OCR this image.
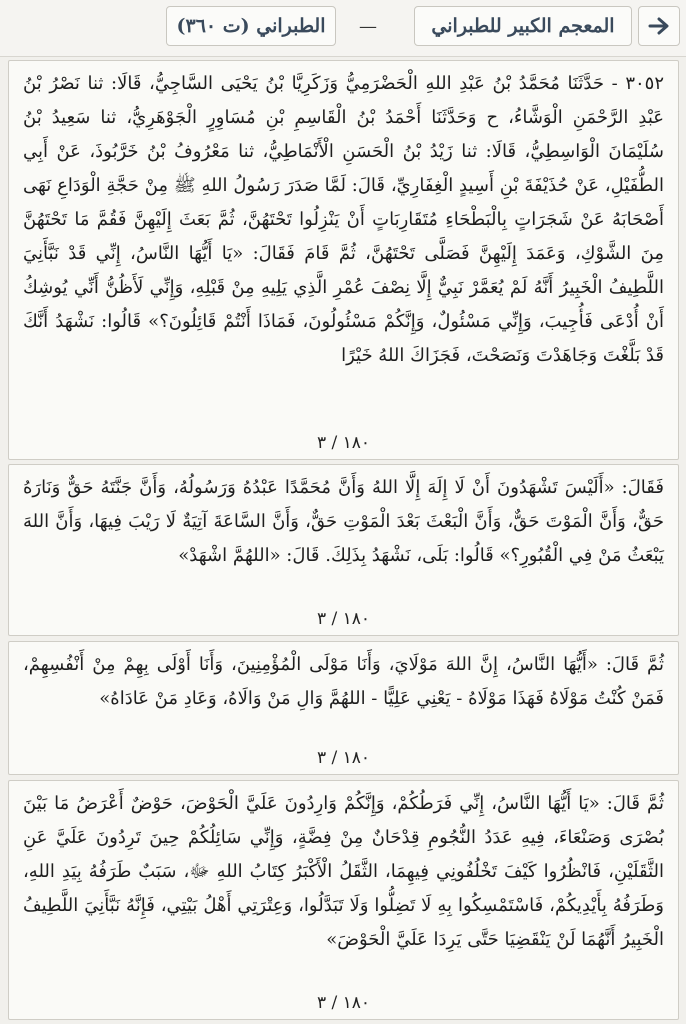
المعجم الكبير للطبراني
—
الطبراني (ت ٣٦٠)

٣٠٥٢ - حَدَّثَنَا مُحَمَّدُ بْنُ عَبْدِ اللهِ الْحَضْرَمِيُّ وَزَكَرِيَّا بْنُ يَحْيَى السَّاجِيُّ، قَالَا: ثنا نَصْرُ بْنُ عَبْدِ الرَّحْمَنِ الْوَشَّاءُ، ح وَحَدَّثَنَا أَحْمَدُ بْنُ الْقَاسِمِ بْنِ مُسَاوِرٍ الْجَوْهَرِيُّ، ثنا سَعِيدُ بْنُ سُلَيْمَانَ الْوَاسِطِيُّ، قَالَا: ثنا زَيْدُ بْنُ الْحَسَنِ الْأَنْمَاطِيُّ، ثنا مَعْرُوفُ بْنُ خَرَّبُوذَ، عَنْ أَبِي الطُّفَيْلِ، عَنْ حُذَيْفَةَ بْنِ أَسِيدٍ الْغِفَارِيِّ، قَالَ: لَمَّا صَدَرَ رَسُولُ اللهِ ﷺ مِنْ حَجَّةِ الْوَدَاعِ نَهَى أَصْحَابَهُ عَنْ شَجَرَاتٍ بِالْبَطْحَاءِ مُتَقَارِبَاتٍ أَنْ يَنْزِلُوا تَحْتَهُنَّ، ثُمَّ بَعَثَ إِلَيْهِنَّ فَقُمَّ مَا تَحْتَهُنَّ مِنَ الشَّوْكِ، وَعَمَدَ إِلَيْهِنَّ فَصَلَّى تَحْتَهُنَّ، ثُمَّ قَامَ فَقَالَ: «يَا أَيُّهَا النَّاسُ، إِنِّي قَدْ نَبَّأَنِيَ اللَّطِيفُ الْخَبِيرُ أَنَّهُ لَمْ يُعَمَّرْ نَبِيٌّ إِلَّا نِصْفَ عُمْرِ الَّذِي يَلِيهِ مِنْ قَبْلِهِ، وَإِنِّي لَأَظُنُّ أَنِّي يُوشِكُ أَنْ أُدْعَى فَأُجِيبَ، وَإِنِّي مَسْئُولٌ، وَإِنَّكُمْ مَسْئُولُونَ، فَمَاذَا أَنْتُمْ قَائِلُونَ؟» قَالُوا: نَشْهَدُ أَنَّكَ قَدْ بَلَّغْتَ وَجَاهَدْتَ وَنَصَحْتَ، فَجَزَاكَ اللهُ خَيْرًا

١٨٠ / ٣

فَقَالَ: «أَلَيْسَ تَشْهَدُونَ أَنْ لَا إِلَهَ إِلَّا اللهُ وَأَنَّ مُحَمَّدًا عَبْدُهُ وَرَسُولُهُ، وَأَنَّ جَنَّتَهُ حَقٌّ وَنَارَهُ حَقٌّ، وَأَنَّ الْمَوْتَ حَقٌّ، وَأَنَّ الْبَعْثَ بَعْدَ الْمَوْتِ حَقٌّ، وَأَنَّ السَّاعَةَ آتِيَةٌ لَا رَيْبَ فِيهَا، وَأَنَّ اللهَ يَبْعَثُ مَنْ فِي الْقُبُورِ؟» قَالُوا: بَلَى، نَشْهَدُ بِذَلِكَ. قَالَ: «اللهُمَّ اشْهَدْ»

١٨٠ / ٣

ثُمَّ قَالَ: «أَيُّهَا النَّاسُ، إِنَّ اللهَ مَوْلَايَ، وَأَنَا مَوْلَى الْمُؤْمِنِينَ، وَأَنَا أَوْلَى بِهِمْ مِنْ أَنْفُسِهِمْ، فَمَنْ كُنْتُ مَوْلَاهُ فَهَذَا مَوْلَاهُ - يَعْنِي عَلِيًّا - اللهُمَّ وَالِ مَنْ وَالَاهُ، وَعَادِ مَنْ عَادَاهُ»

١٨٠ / ٣

ثُمَّ قَالَ: «يَا أَيُّهَا النَّاسُ، إِنِّي فَرَطُكُمْ، وَإِنَّكُمْ وَارِدُونَ عَلَيَّ الْحَوْضَ، حَوْضٌ أَعْرَضُ مَا بَيْنَ بُصْرَى وَصَنْعَاءَ، فِيهِ عَدَدُ النُّجُومِ قِدْحَانٌ مِنْ فِضَّةٍ، وَإِنِّي سَائِلُكُمْ حِينَ تَرِدُونَ عَلَيَّ عَنِ الثَّقَلَيْنِ، فَانْظُرُوا كَيْفَ تَخْلُفُونِي فِيهِمَا، الثَّقَلُ الْأَكْبَرُ كِتَابُ اللهِ ﷻ، سَبَبٌ طَرَفُهُ بِيَدِ اللهِ، وَطَرَفُهُ بِأَيْدِيكُمْ، فَاسْتَمْسِكُوا بِهِ لَا تَضِلُّوا وَلَا تَبَدَّلُوا، وَعِتْرَتِي أَهْلُ بَيْتِي، فَإِنَّهُ نَبَّأَنِيَ اللَّطِيفُ الْخَبِيرُ أَنَّهُمَا لَنْ يَنْقَضِيَا حَتَّى يَرِدَا عَلَيَّ الْحَوْضَ»

١٨٠ / ٣
